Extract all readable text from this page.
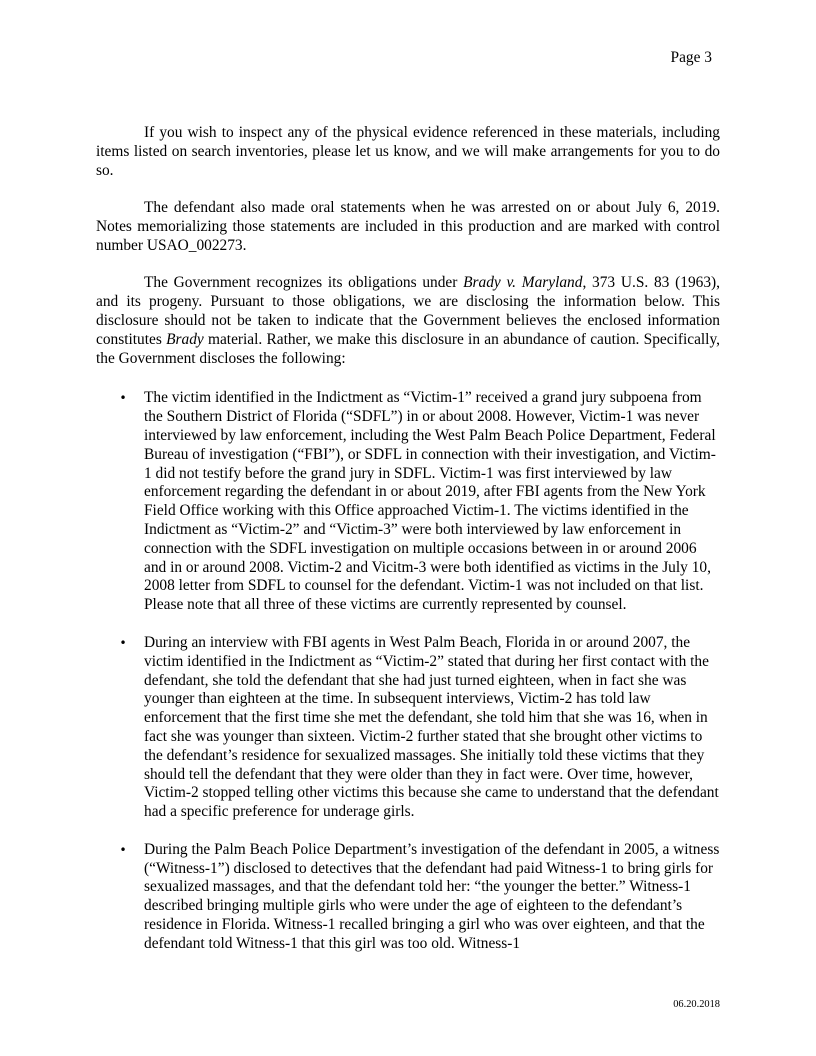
Page 3

If you wish to inspect any of the physical evidence referenced in these materials, including items listed on search inventories, please let us know, and we will make arrangements for you to do so.

The defendant also made oral statements when he was arrested on or about July 6, 2019. Notes memorializing those statements are included in this production and are marked with control number USAO_002273.

The Government recognizes its obligations under Brady v. Maryland, 373 U.S. 83 (1963), and its progeny. Pursuant to those obligations, we are disclosing the information below. This disclosure should not be taken to indicate that the Government believes the enclosed information constitutes Brady material. Rather, we make this disclosure in an abundance of caution. Specifically, the Government discloses the following:

• The victim identified in the Indictment as “Victim-1” received a grand jury subpoena from the Southern District of Florida (“SDFL”) in or about 2008. However, Victim-1 was never interviewed by law enforcement, including the West Palm Beach Police Department, Federal Bureau of investigation (“FBI”), or SDFL in connection with their investigation, and Victim-1 did not testify before the grand jury in SDFL. Victim-1 was first interviewed by law enforcement regarding the defendant in or about 2019, after FBI agents from the New York Field Office working with this Office approached Victim-1. The victims identified in the Indictment as “Victim-2” and “Victim-3” were both interviewed by law enforcement in connection with the SDFL investigation on multiple occasions between in or around 2006 and in or around 2008. Victim-2 and Vicitm-3 were both identified as victims in the July 10, 2008 letter from SDFL to counsel for the defendant. Victim-1 was not included on that list. Please note that all three of these victims are currently represented by counsel.
• During an interview with FBI agents in West Palm Beach, Florida in or around 2007, the victim identified in the Indictment as “Victim-2” stated that during her first contact with the defendant, she told the defendant that she had just turned eighteen, when in fact she was younger than eighteen at the time. In subsequent interviews, Victim-2 has told law enforcement that the first time she met the defendant, she told him that she was 16, when in fact she was younger than sixteen. Victim-2 further stated that she brought other victims to the defendant’s residence for sexualized massages. She initially told these victims that they should tell the defendant that they were older than they in fact were. Over time, however, Victim-2 stopped telling other victims this because she came to understand that the defendant had a specific preference for underage girls.
• During the Palm Beach Police Department’s investigation of the defendant in 2005, a witness (“Witness-1”) disclosed to detectives that the defendant had paid Witness-1 to bring girls for sexualized massages, and that the defendant told her: “the younger the better.” Witness-1 described bringing multiple girls who were under the age of eighteen to the defendant’s residence in Florida. Witness-1 recalled bringing a girl who was over eighteen, and that the defendant told Witness-1 that this girl was too old. Witness-1
06.20.2018
